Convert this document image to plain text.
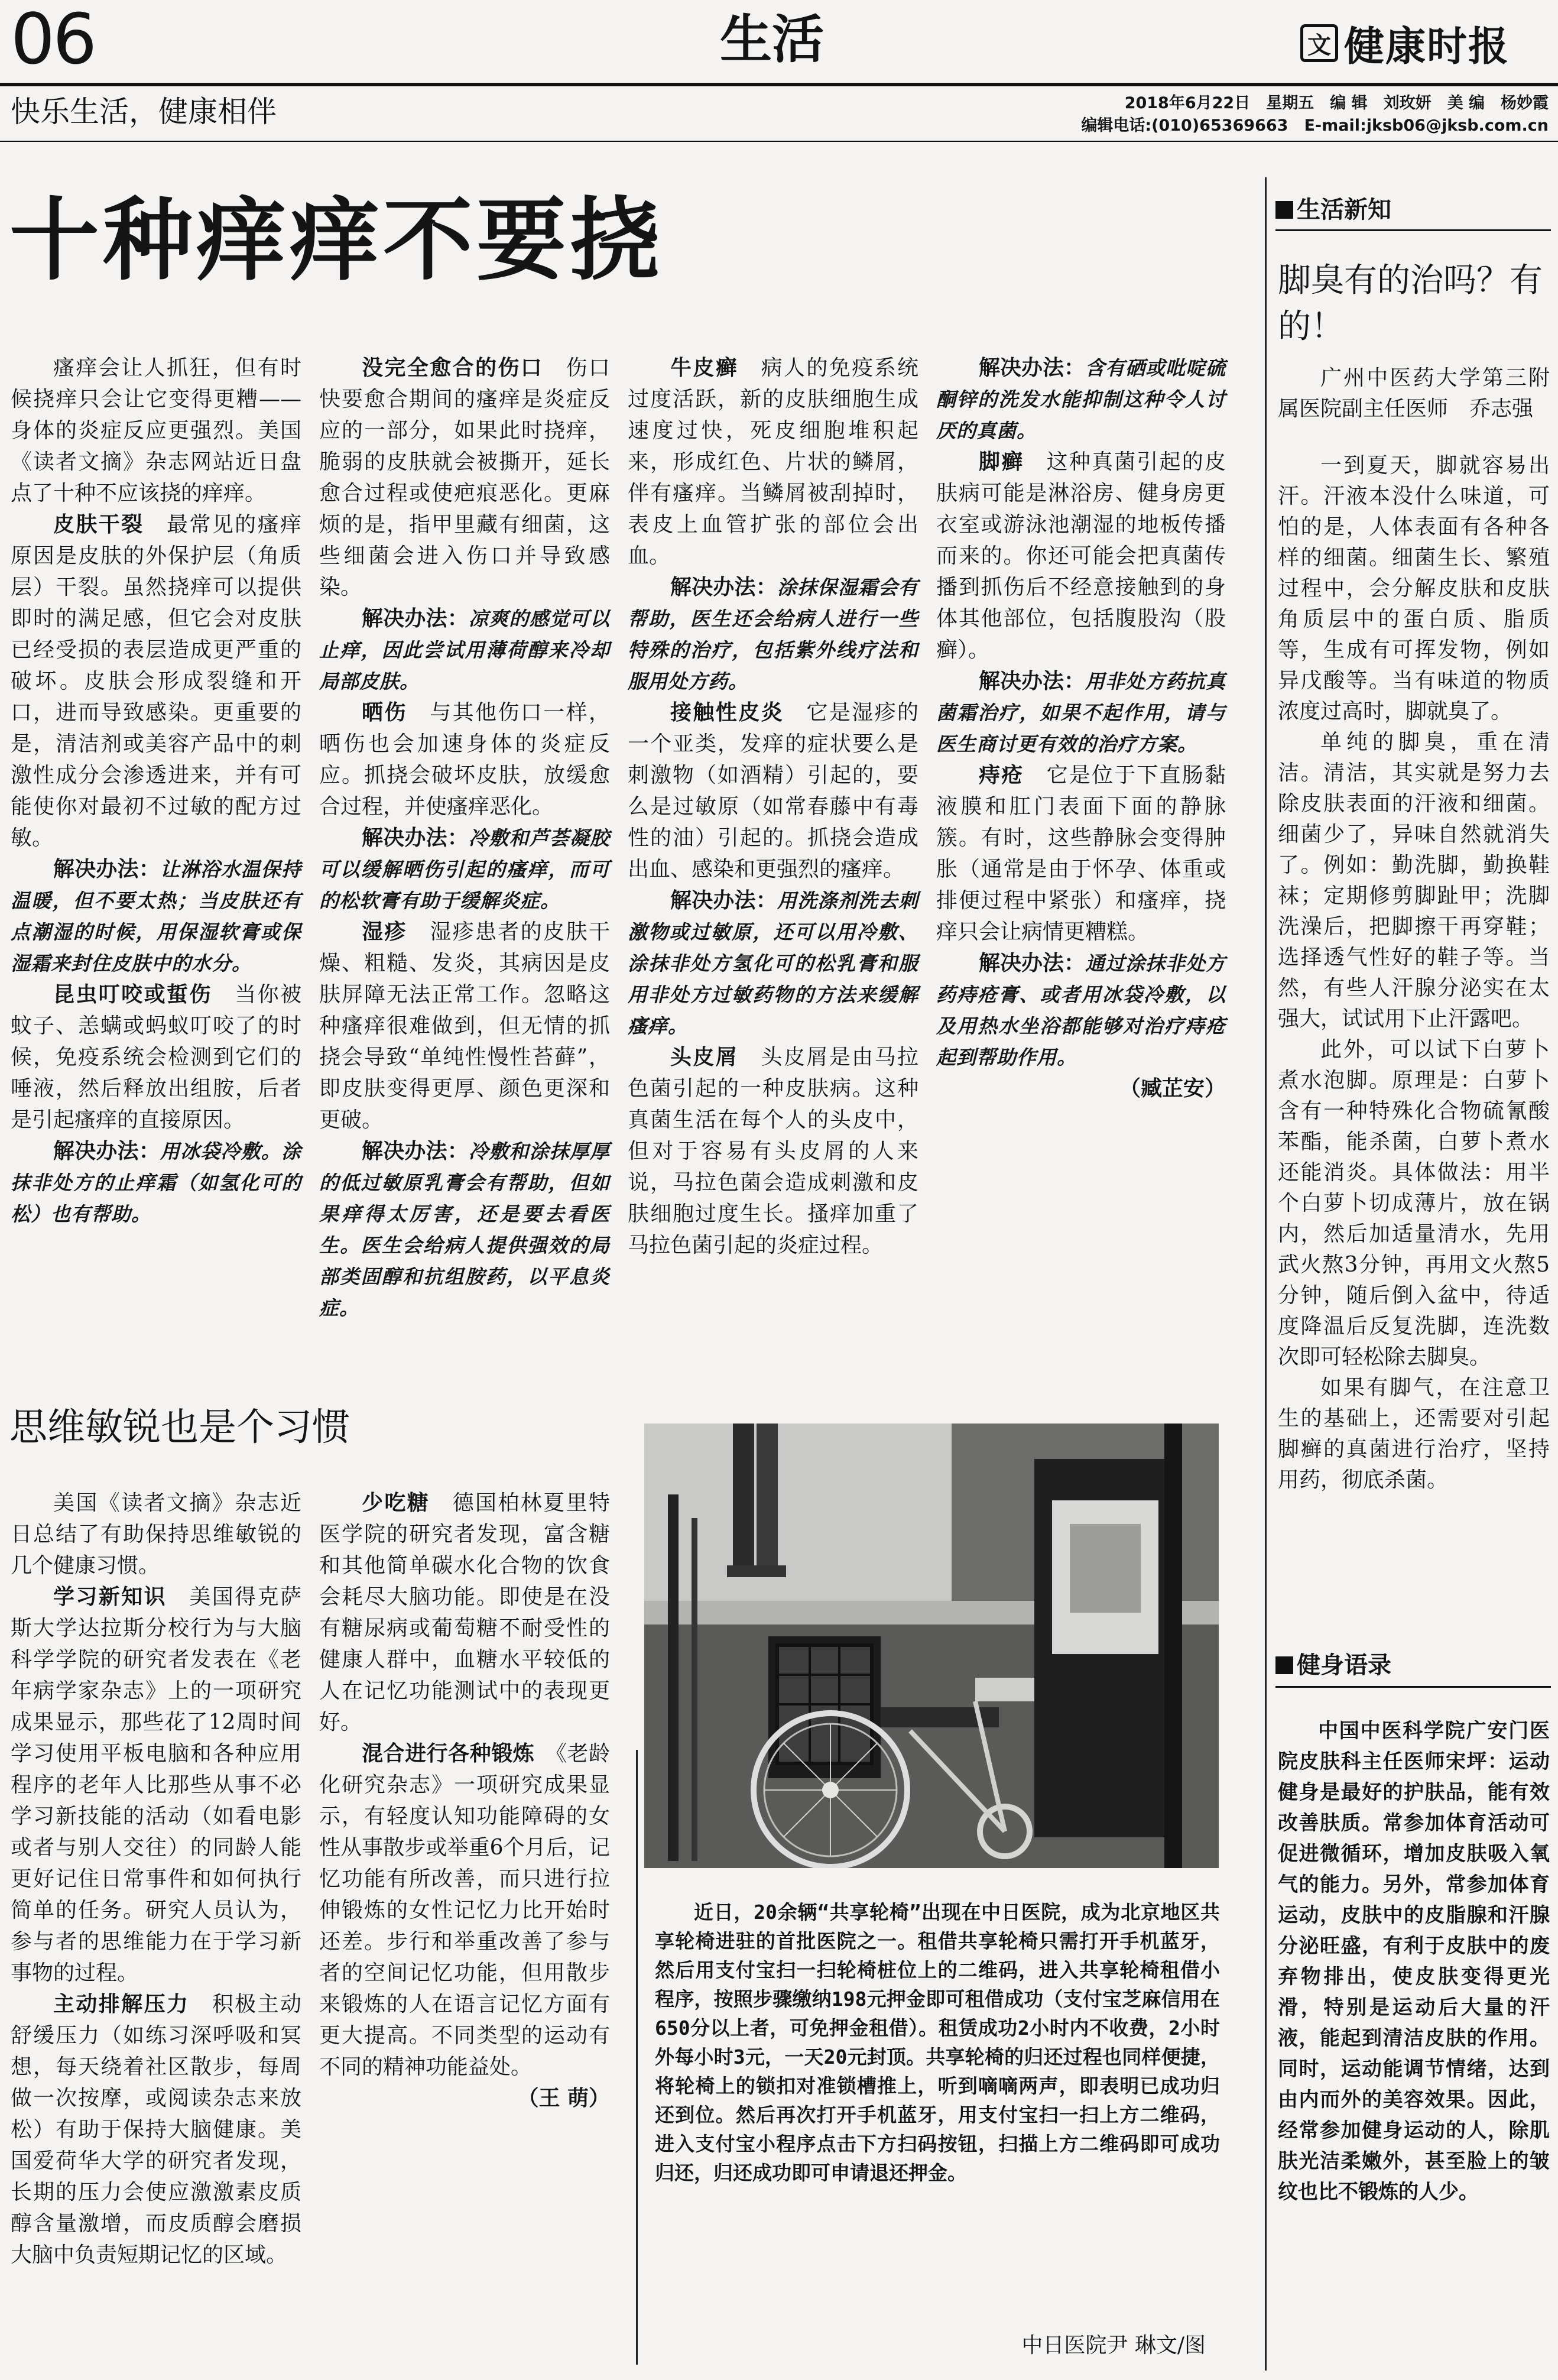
06	生活	文 健康时报
快乐生活，健康相伴	2018年6月22日　星期五　编 辑　刘玫妍　美 编　杨妙霞
编辑电话:(010)65369663　E-mail:jksb06@jksb.com.cn
十种痒痒不要挠

瘙痒会让人抓狂，但有时候挠痒只会让它变得更糟——身体的炎症反应更强烈。美国《读者文摘》杂志网站近日盘点了十种不应该挠的痒痒。

皮肤干裂　 最常见的瘙痒原因是皮肤的外保护层（角质层）干裂。虽然挠痒可以提供即时的满足感，但它会对皮肤已经受损的表层造成更严重的破坏。皮肤会形成裂缝和开口，进而导致感染。更重要的是，清洁剂或美容产品中的刺激性成分会渗透进来，并有可能使你对最初不过敏的配方过敏。

解决办法：让淋浴水温保持温暖，但不要太热；当皮肤还有点潮湿的时候，用保湿软膏或保湿霜来封住皮肤中的水分。

昆虫叮咬或蜇伤　 当你被蚊子、恙螨或蚂蚁叮咬了的时候，免疫系统会检测到它们的唾液，然后释放出组胺，后者是引起瘙痒的直接原因。

解决办法：用冰袋冷敷。涂抹非处方的止痒霜（如氢化可的松）也有帮助。

没完全愈合的伤口　 伤口快要愈合期间的瘙痒是炎症反应的一部分，如果此时挠痒，脆弱的皮肤就会被撕开，延长愈合过程或使疤痕恶化。更麻烦的是，指甲里藏有细菌，这些细菌会进入伤口并导致感染。

解决办法：凉爽的感觉可以止痒，因此尝试用薄荷醇来冷却局部皮肤。

晒伤　 与其他伤口一样，晒伤也会加速身体的炎症反应。抓挠会破坏皮肤，放缓愈合过程，并使瘙痒恶化。

解决办法：冷敷和芦荟凝胶可以缓解晒伤引起的瘙痒，而可的松软膏有助于缓解炎症。

湿疹　 湿疹患者的皮肤干燥、粗糙、发炎，其病因是皮肤屏障无法正常工作。忽略这种瘙痒很难做到，但无情的抓挠会导致“单纯性慢性苔藓”，即皮肤变得更厚、颜色更深和更破。

解决办法：冷敷和涂抹厚厚的低过敏原乳膏会有帮助，但如果痒得太厉害，还是要去看医生。医生会给病人提供强效的局部类固醇和抗组胺药，以平息炎症。

牛皮癣　 病人的免疫系统过度活跃，新的皮肤细胞生成速度过快，死皮细胞堆积起来，形成红色、片状的鳞屑，伴有瘙痒。当鳞屑被刮掉时，表皮上血管扩张的部位会出血。

解决办法：涂抹保湿霜会有帮助，医生还会给病人进行一些特殊的治疗，包括紫外线疗法和服用处方药。

接触性皮炎　 它是湿疹的一个亚类，发痒的症状要么是刺激物（如酒精）引起的，要么是过敏原（如常春藤中有毒性的油）引起的。抓挠会造成出血、感染和更强烈的瘙痒。

解决办法：用洗涤剂洗去刺激物或过敏原，还可以用冷敷、涂抹非处方氢化可的松乳膏和服用非处方过敏药物的方法来缓解瘙痒。

头皮屑　 头皮屑是由马拉色菌引起的一种皮肤病。这种真菌生活在每个人的头皮中，但对于容易有头皮屑的人来说，马拉色菌会造成刺激和皮肤细胞过度生长。搔痒加重了马拉色菌引起的炎症过程。

解决办法：含有硒或吡啶硫酮锌的洗发水能抑制这种令人讨厌的真菌。

脚癣　 这种真菌引起的皮肤病可能是淋浴房、健身房更衣室或游泳池潮湿的地板传播而来的。你还可能会把真菌传播到抓伤后不经意接触到的身体其他部位，包括腹股沟（股癣）。

解决办法：用非处方药抗真菌霜治疗，如果不起作用，请与医生商讨更有效的治疗方案。

痔疮　 它是位于下直肠黏液膜和肛门表面下面的静脉簇。有时，这些静脉会变得肿胀（通常是由于怀孕、体重或排便过程中紧张）和瘙痒，挠痒只会让病情更糟糕。

解决办法：通过涂抹非处方药痔疮膏、或者用冰袋冷敷，以及用热水坐浴都能够对治疗痔疮起到帮助作用。

（臧芷安）

思维敏锐也是个习惯

美国《读者文摘》杂志近日总结了有助保持思维敏锐的几个健康习惯。

学习新知识　 美国得克萨斯大学达拉斯分校行为与大脑科学学院的研究者发表在《老年病学家杂志》上的一项研究成果显示，那些花了12周时间学习使用平板电脑和各种应用程序的老年人比那些从事不必学习新技能的活动（如看电影或者与别人交往）的同龄人能更好记住日常事件和如何执行简单的任务。研究人员认为，参与者的思维能力在于学习新事物的过程。

主动排解压力　 积极主动舒缓压力（如练习深呼吸和冥想，每天绕着社区散步，每周做一次按摩，或阅读杂志来放松）有助于保持大脑健康。美国爱荷华大学的研究者发现，长期的压力会使应激激素皮质醇含量激增，而皮质醇会磨损大脑中负责短期记忆的区域。

少吃糖　 德国柏林夏里特医学院的研究者发现，富含糖和其他简单碳水化合物的饮食会耗尽大脑功能。即使是在没有糖尿病或葡萄糖不耐受性的健康人群中，血糖水平较低的人在记忆功能测试中的表现更好。

混合进行各种锻炼　 《老龄化研究杂志》一项研究成果显示，有轻度认知功能障碍的女性从事散步或举重6个月后，记忆功能有所改善，而只进行拉伸锻炼的女性记忆力比开始时还差。步行和举重改善了参与者的空间记忆功能，但用散步来锻炼的人在语言记忆方面有更大提高。不同类型的运动有不同的精神功能益处。

（王 萌）

近日，20余辆“共享轮椅”出现在中日医院，成为北京地区共享轮椅进驻的首批医院之一。租借共享轮椅只需打开手机蓝牙，然后用支付宝扫一扫轮椅桩位上的二维码，进入共享轮椅租借小程序，按照步骤缴纳198元押金即可租借成功（支付宝芝麻信用在650分以上者，可免押金租借）。租赁成功2小时内不收费，2小时外每小时3元，一天20元封顶。共享轮椅的归还过程也同样便捷，将轮椅上的锁扣对准锁槽推上，听到嘀嘀两声，即表明已成功归还到位。然后再次打开手机蓝牙，用支付宝扫一扫上方二维码，进入支付宝小程序点击下方扫码按钮，扫描上方二维码即可成功归还，归还成功即可申请退还押金。

中日医院尹 琳文/图
生活新知
脚臭有的治吗？有的！

广州中医药大学第三附属医院副主任医师　乔志强

一到夏天，脚就容易出汗。汗液本没什么味道，可怕的是，人体表面有各种各样的细菌。细菌生长、繁殖过程中，会分解皮肤和皮肤角质层中的蛋白质、脂质等，生成有可挥发物，例如异戊酸等。当有味道的物质浓度过高时，脚就臭了。

单纯的脚臭，重在清洁。清洁，其实就是努力去除皮肤表面的汗液和细菌。细菌少了，异味自然就消失了。例如：勤洗脚，勤换鞋袜；定期修剪脚趾甲；洗脚洗澡后，把脚擦干再穿鞋；选择透气性好的鞋子等。当然，有些人汗腺分泌实在太强大，试试用下止汗露吧。

此外，可以试下白萝卜煮水泡脚。原理是：白萝卜含有一种特殊化合物硫氰酸苯酯，能杀菌，白萝卜煮水还能消炎。具体做法：用半个白萝卜切成薄片，放在锅内，然后加适量清水，先用武火熬3分钟，再用文火熬5分钟，随后倒入盆中，待适度降温后反复洗脚，连洗数次即可轻松除去脚臭。

如果有脚气，在注意卫生的基础上，还需要对引起脚癣的真菌进行治疗，坚持用药，彻底杀菌。

健身语录

中国中医科学院广安门医院皮肤科主任医师宋坪：运动健身是最好的护肤品，能有效改善肤质。常参加体育活动可促进微循环，增加皮肤吸入氧气的能力。另外，常参加体育运动，皮肤中的皮脂腺和汗腺分泌旺盛，有利于皮肤中的废弃物排出，使皮肤变得更光滑，特别是运动后大量的汗液，能起到清洁皮肤的作用。同时，运动能调节情绪，达到由内而外的美容效果。因此，经常参加健身运动的人，除肌肤光洁柔嫩外，甚至脸上的皱纹也比不锻炼的人少。
